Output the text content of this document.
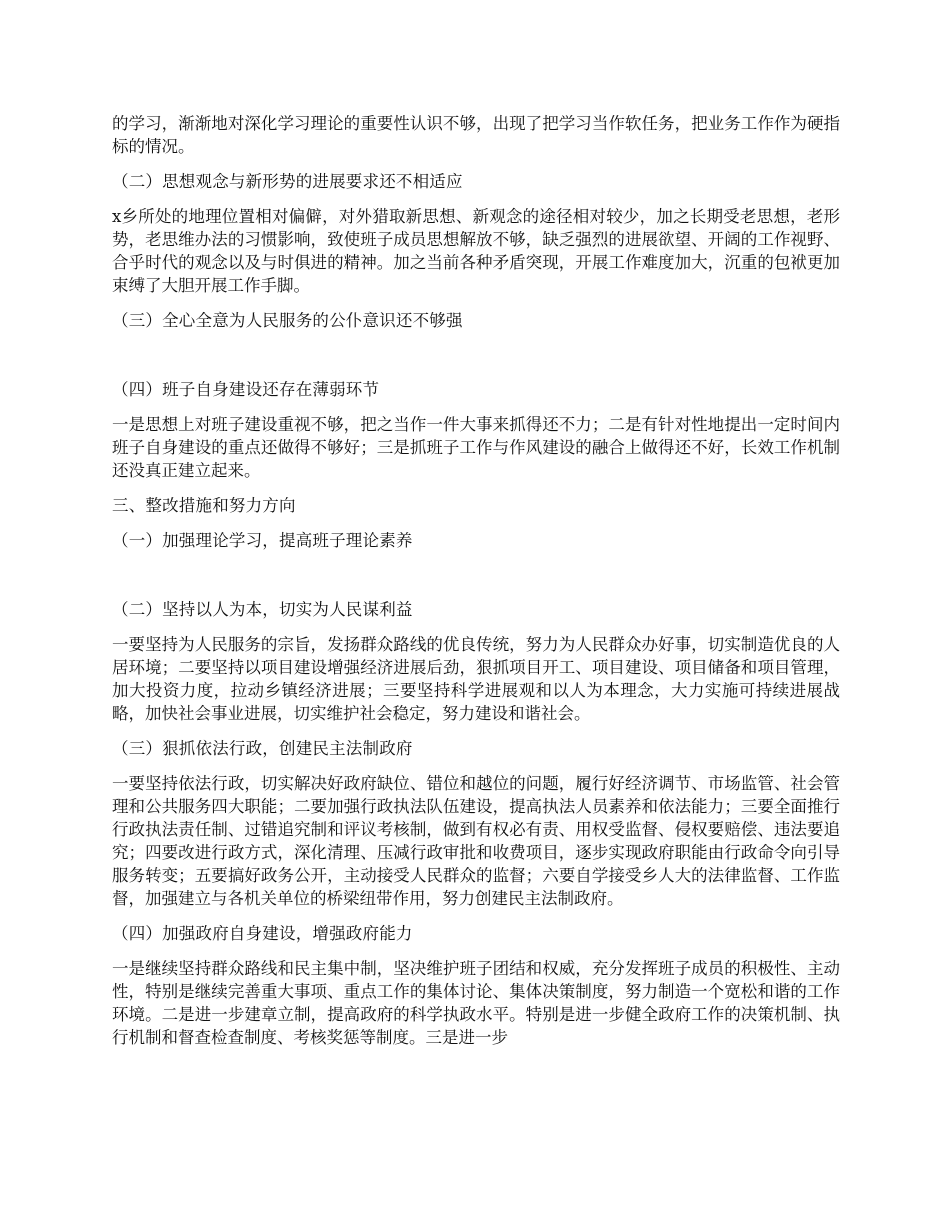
的学习，渐渐地对深化学习理论的重要性认识不够，出现了把学习当作软任务，把业务工作作为硬指标的情况。

（二）思想观念与新形势的进展要求还不相适应

x乡所处的地理位置相对偏僻，对外猎取新思想、新观念的途径相对较少，加之长期受老思想，老形势，老思维办法的习惯影响，致使班子成员思想解放不够，缺乏强烈的进展欲望、开阔的工作视野、合乎时代的观念以及与时俱进的精神。加之当前各种矛盾突现，开展工作难度加大，沉重的包袱更加束缚了大胆开展工作手脚。

（三）全心全意为人民服务的公仆意识还不够强

（四）班子自身建设还存在薄弱环节

一是思想上对班子建设重视不够，把之当作一件大事来抓得还不力；二是有针对性地提出一定时间内班子自身建设的重点还做得不够好；三是抓班子工作与作风建设的融合上做得还不好，长效工作机制还没真正建立起来。

三、整改措施和努力方向

（一）加强理论学习，提高班子理论素养

（二）坚持以人为本，切实为人民谋利益

一要坚持为人民服务的宗旨，发扬群众路线的优良传统，努力为人民群众办好事，切实制造优良的人居环境；二要坚持以项目建设增强经济进展后劲，狠抓项目开工、项目建设、项目储备和项目管理，加大投资力度，拉动乡镇经济进展；三要坚持科学进展观和以人为本理念，大力实施可持续进展战略，加快社会事业进展，切实维护社会稳定，努力建设和谐社会。

（三）狠抓依法行政，创建民主法制政府

一要坚持依法行政，切实解决好政府缺位、错位和越位的问题，履行好经济调节、市场监管、社会管理和公共服务四大职能；二要加强行政执法队伍建设，提高执法人员素养和依法能力；三要全面推行行政执法责任制、过错追究制和评议考核制，做到有权必有责、用权受监督、侵权要赔偿、违法要追究；四要改进行政方式，深化清理、压减行政审批和收费项目，逐步实现政府职能由行政命令向引导服务转变；五要搞好政务公开，主动接受人民群众的监督；六要自学接受乡人大的法律监督、工作监督，加强建立与各机关单位的桥梁纽带作用，努力创建民主法制政府。

（四）加强政府自身建设，增强政府能力

一是继续坚持群众路线和民主集中制，坚决维护班子团结和权威，充分发挥班子成员的积极性、主动性，特别是继续完善重大事项、重点工作的集体讨论、集体决策制度，努力制造一个宽松和谐的工作环境。二是进一步建章立制，提高政府的科学执政水平。特别是进一步健全政府工作的决策机制、执行机制和督查检查制度、考核奖惩等制度。三是进一步
